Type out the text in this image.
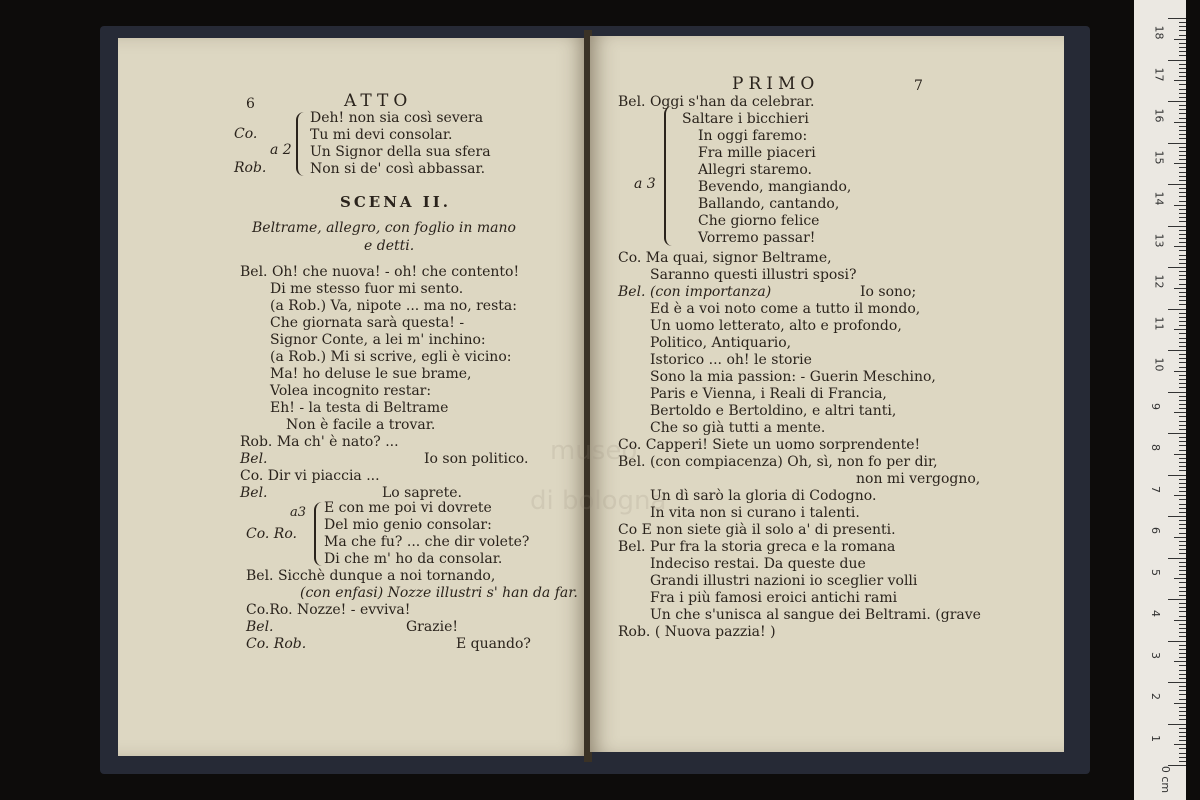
6	ATTO
Co.
Rob.
a 2
Deh! non sia così severa
Tu mi devi consolar.
Un Signor della sua sfera
Non si de' così abbassar.
SCENA II.
Beltrame, allegro, con foglio in mano
e detti.
Bel. Oh! che nuova! - oh! che contento!
Di me stesso fuor mi sento.
(a Rob.) Va, nipote ... ma no, resta:
Che giornata sarà questa! -
Signor Conte, a lei m' inchino:
(a Rob.) Mi si scrive, egli è vicino:
Ma! ho deluse le sue brame,
Volea incognito restar:
Eh! - la testa di Beltrame
Non è facile a trovar.
Rob. Ma ch' è nato? ...
Bel.	Io son politico.
Co. Dir vi piaccia ...
Bel.	Lo saprete.
Co. Ro.
a3 E con me poi vi dovrete
Del mio genio consolar:
Ma che fu? ... che dir volete?
Di che m' ho da consolar.
Bel. Sicchè dunque a noi tornando,
(con enfasi) Nozze illustri s' han da far.
Co.Ro. Nozze! - evviva!
Bel.	Grazie!
Co. Rob.	E quando?
museo
di bologna
PRIMO	7
Bel. Oggi s'han da celebrar.
a 3
Saltare i bicchieri
In oggi faremo:
Fra mille piaceri
Allegri staremo.
Bevendo, mangiando,
Ballando, cantando,
Che giorno felice
Vorremo passar!
Co. Ma quai, signor Beltrame,
Saranno questi illustri sposi?
Bel. (con importanza)	Io sono;
Ed è a voi noto come a tutto il mondo,
Un uomo letterato, alto e profondo,
Politico, Antiquario,
Istorico ... oh! le storie
Sono la mia passion: - Guerin Meschino,
Paris e Vienna, i Reali di Francia,
Bertoldo e Bertoldino, e altri tanti,
Che so già tutti a mente.
Co. Capperi! Siete un uomo sorprendente!
Bel. (con compiacenza) Oh, sì, non fo per dir,
non mi vergogno,
Un dì sarò la gloria di Codogno.
In vita non si curano i talenti.
Co E non siete già il solo a' di presenti.
Bel. Pur fra la storia greca e la romana
Indeciso restai. Da queste due
Grandi illustri nazioni io sceglier volli
Fra i più famosi eroici antichi rami
Un che s'unisca al sangue dei Beltrami. (grave
Rob. ( Nuova pazzia! )
18
17
16
15
14
13
12
11
10
9
8
7
6
5
4
3
2
1
0 cm
